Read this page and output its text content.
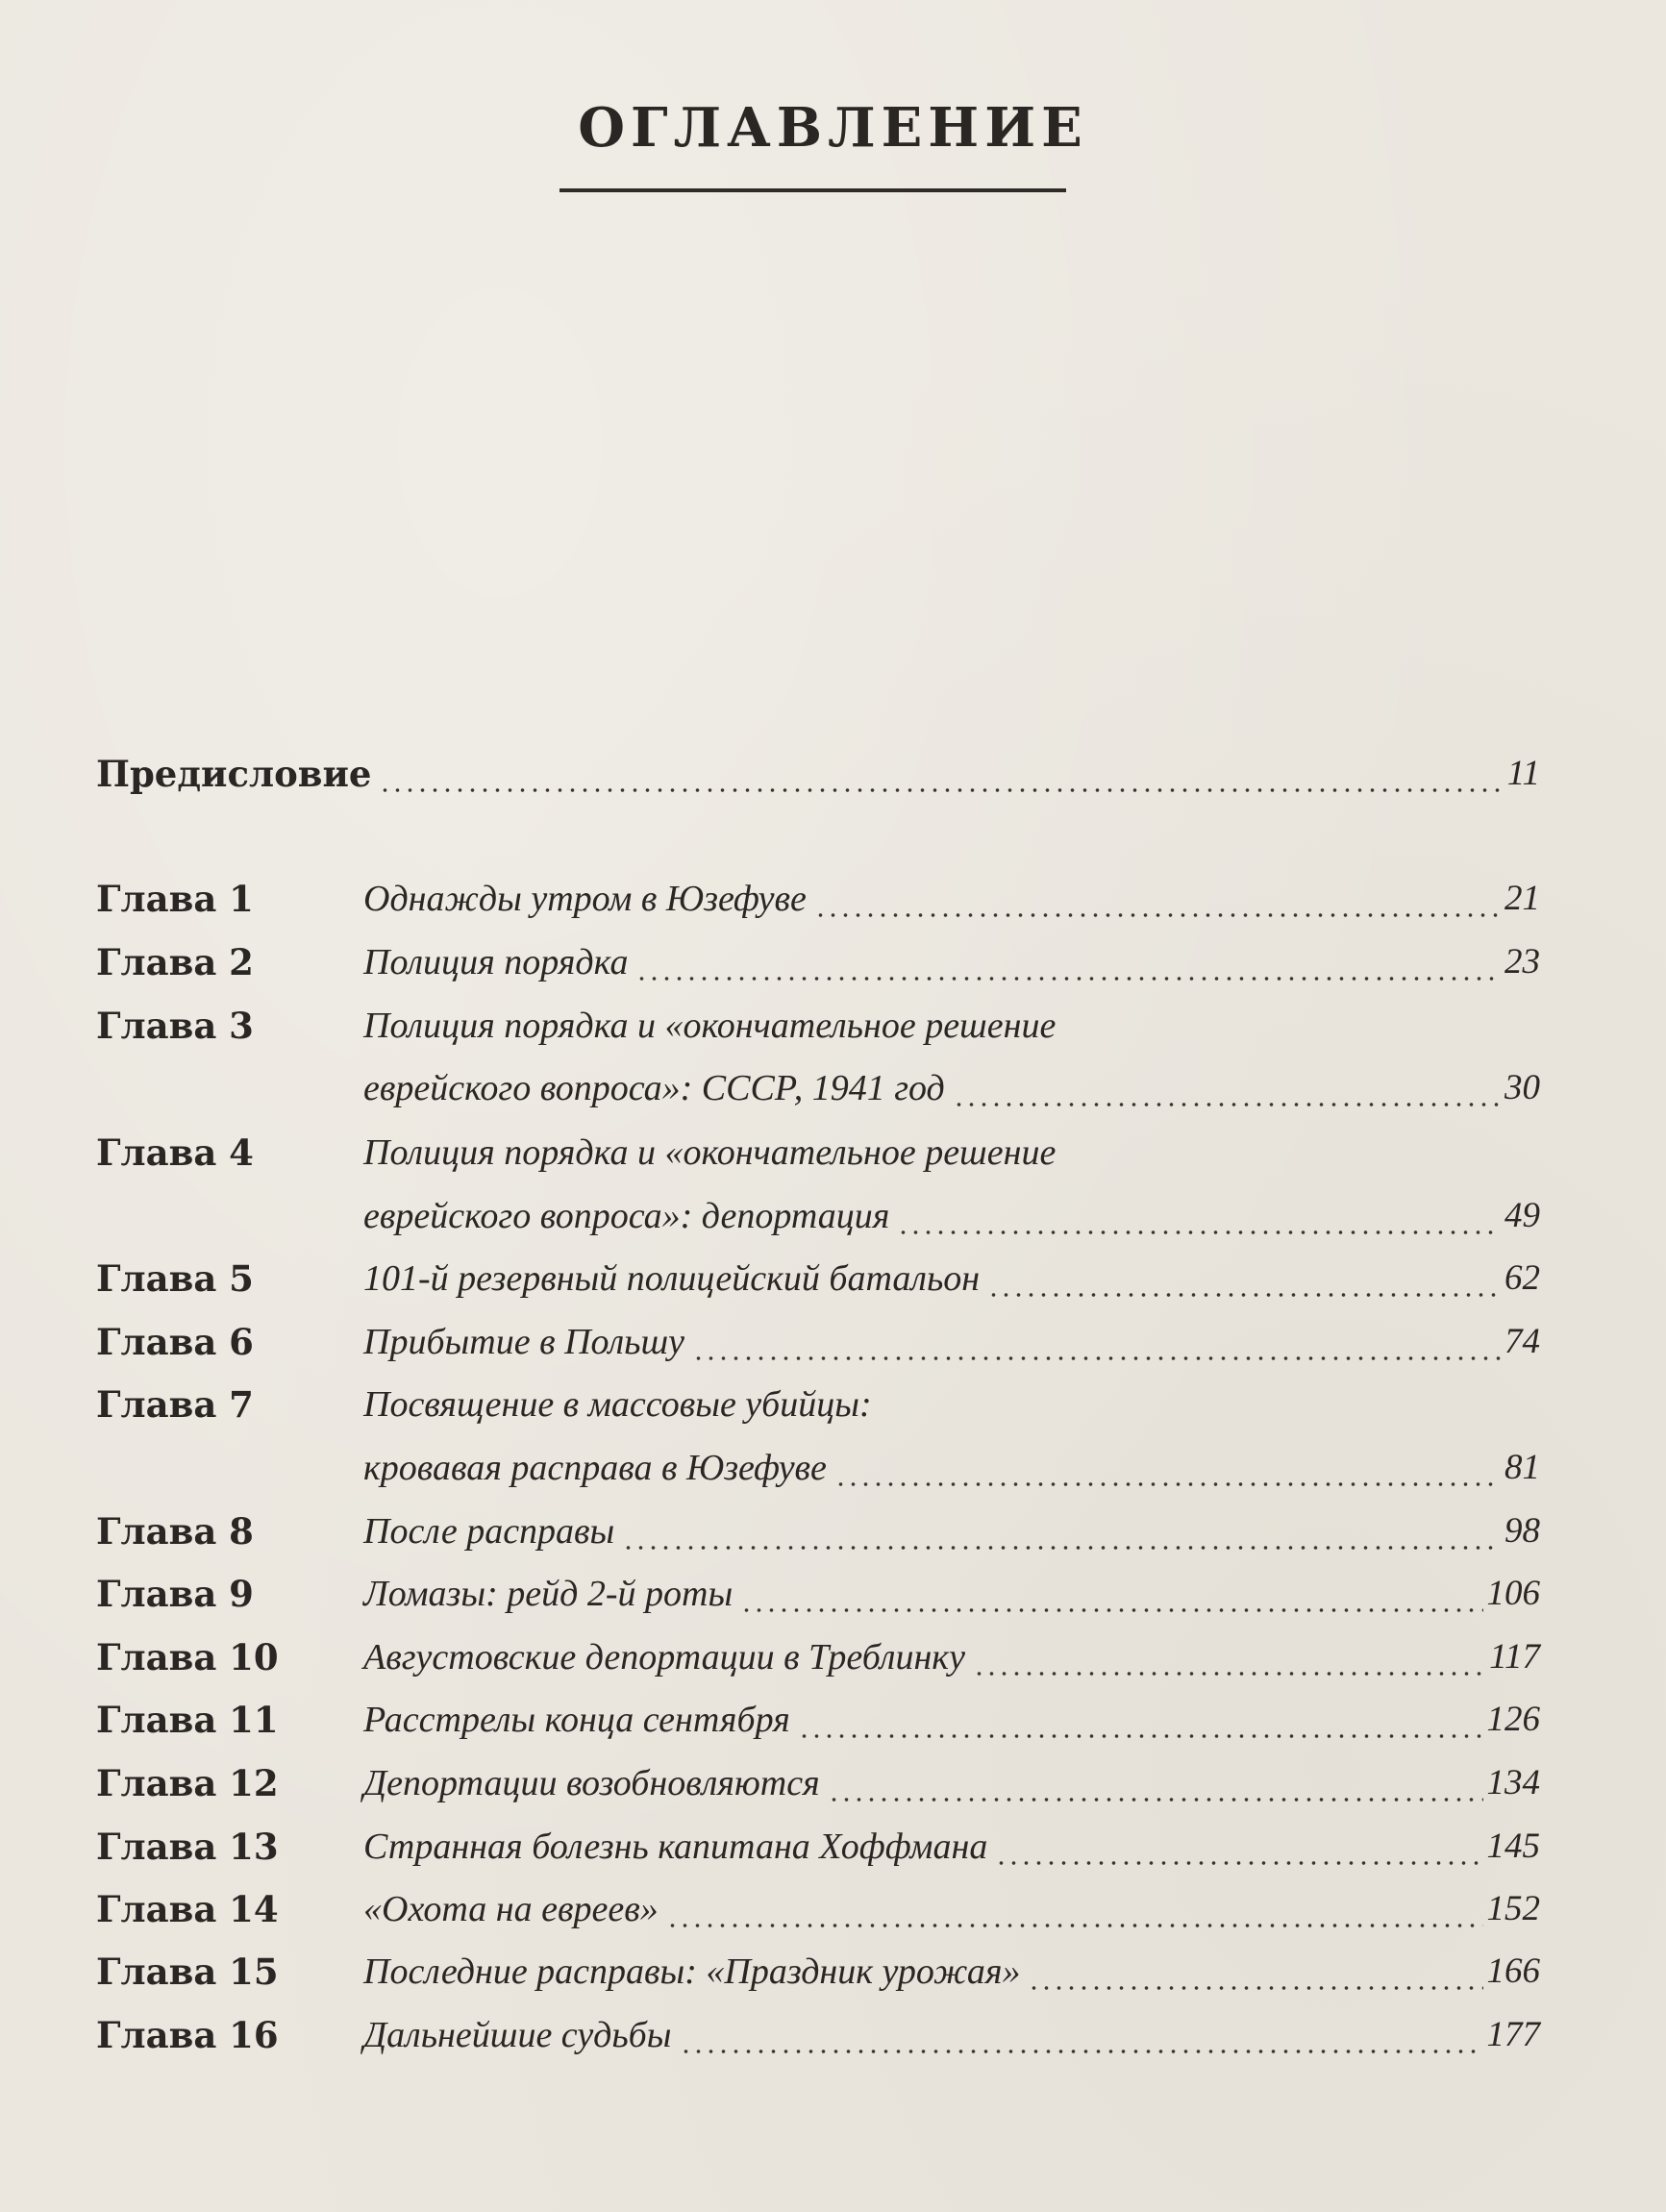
ОГЛАВЛЕНИЕ
Предисловие	11
Глава 1	Однажды утром в Юзефуве	21
Глава 2	Полиция порядка	23
Глава 3	Полиция порядка и «окончательное решение
еврейского вопроса»: СССР, 1941 год	30
Глава 4	Полиция порядка и «окончательное решение
еврейского вопроса»: депортация	49
Глава 5	101-й резервный полицейский батальон	62
Глава 6	Прибытие в Польшу	74
Глава 7	Посвящение в массовые убийцы:
кровавая расправа в Юзефуве	81
Глава 8	После расправы	98
Глава 9	Ломазы: рейд 2-й роты	106
Глава 10	Августовские депортации в Треблинку	117
Глава 11	Расстрелы конца сентября	126
Глава 12	Депортации возобновляются	134
Глава 13	Странная болезнь капитана Хоффмана	145
Глава 14	«Охота на евреев»	152
Глава 15	Последние расправы: «Праздник урожая»	166
Глава 16	Дальнейшие судьбы	177
